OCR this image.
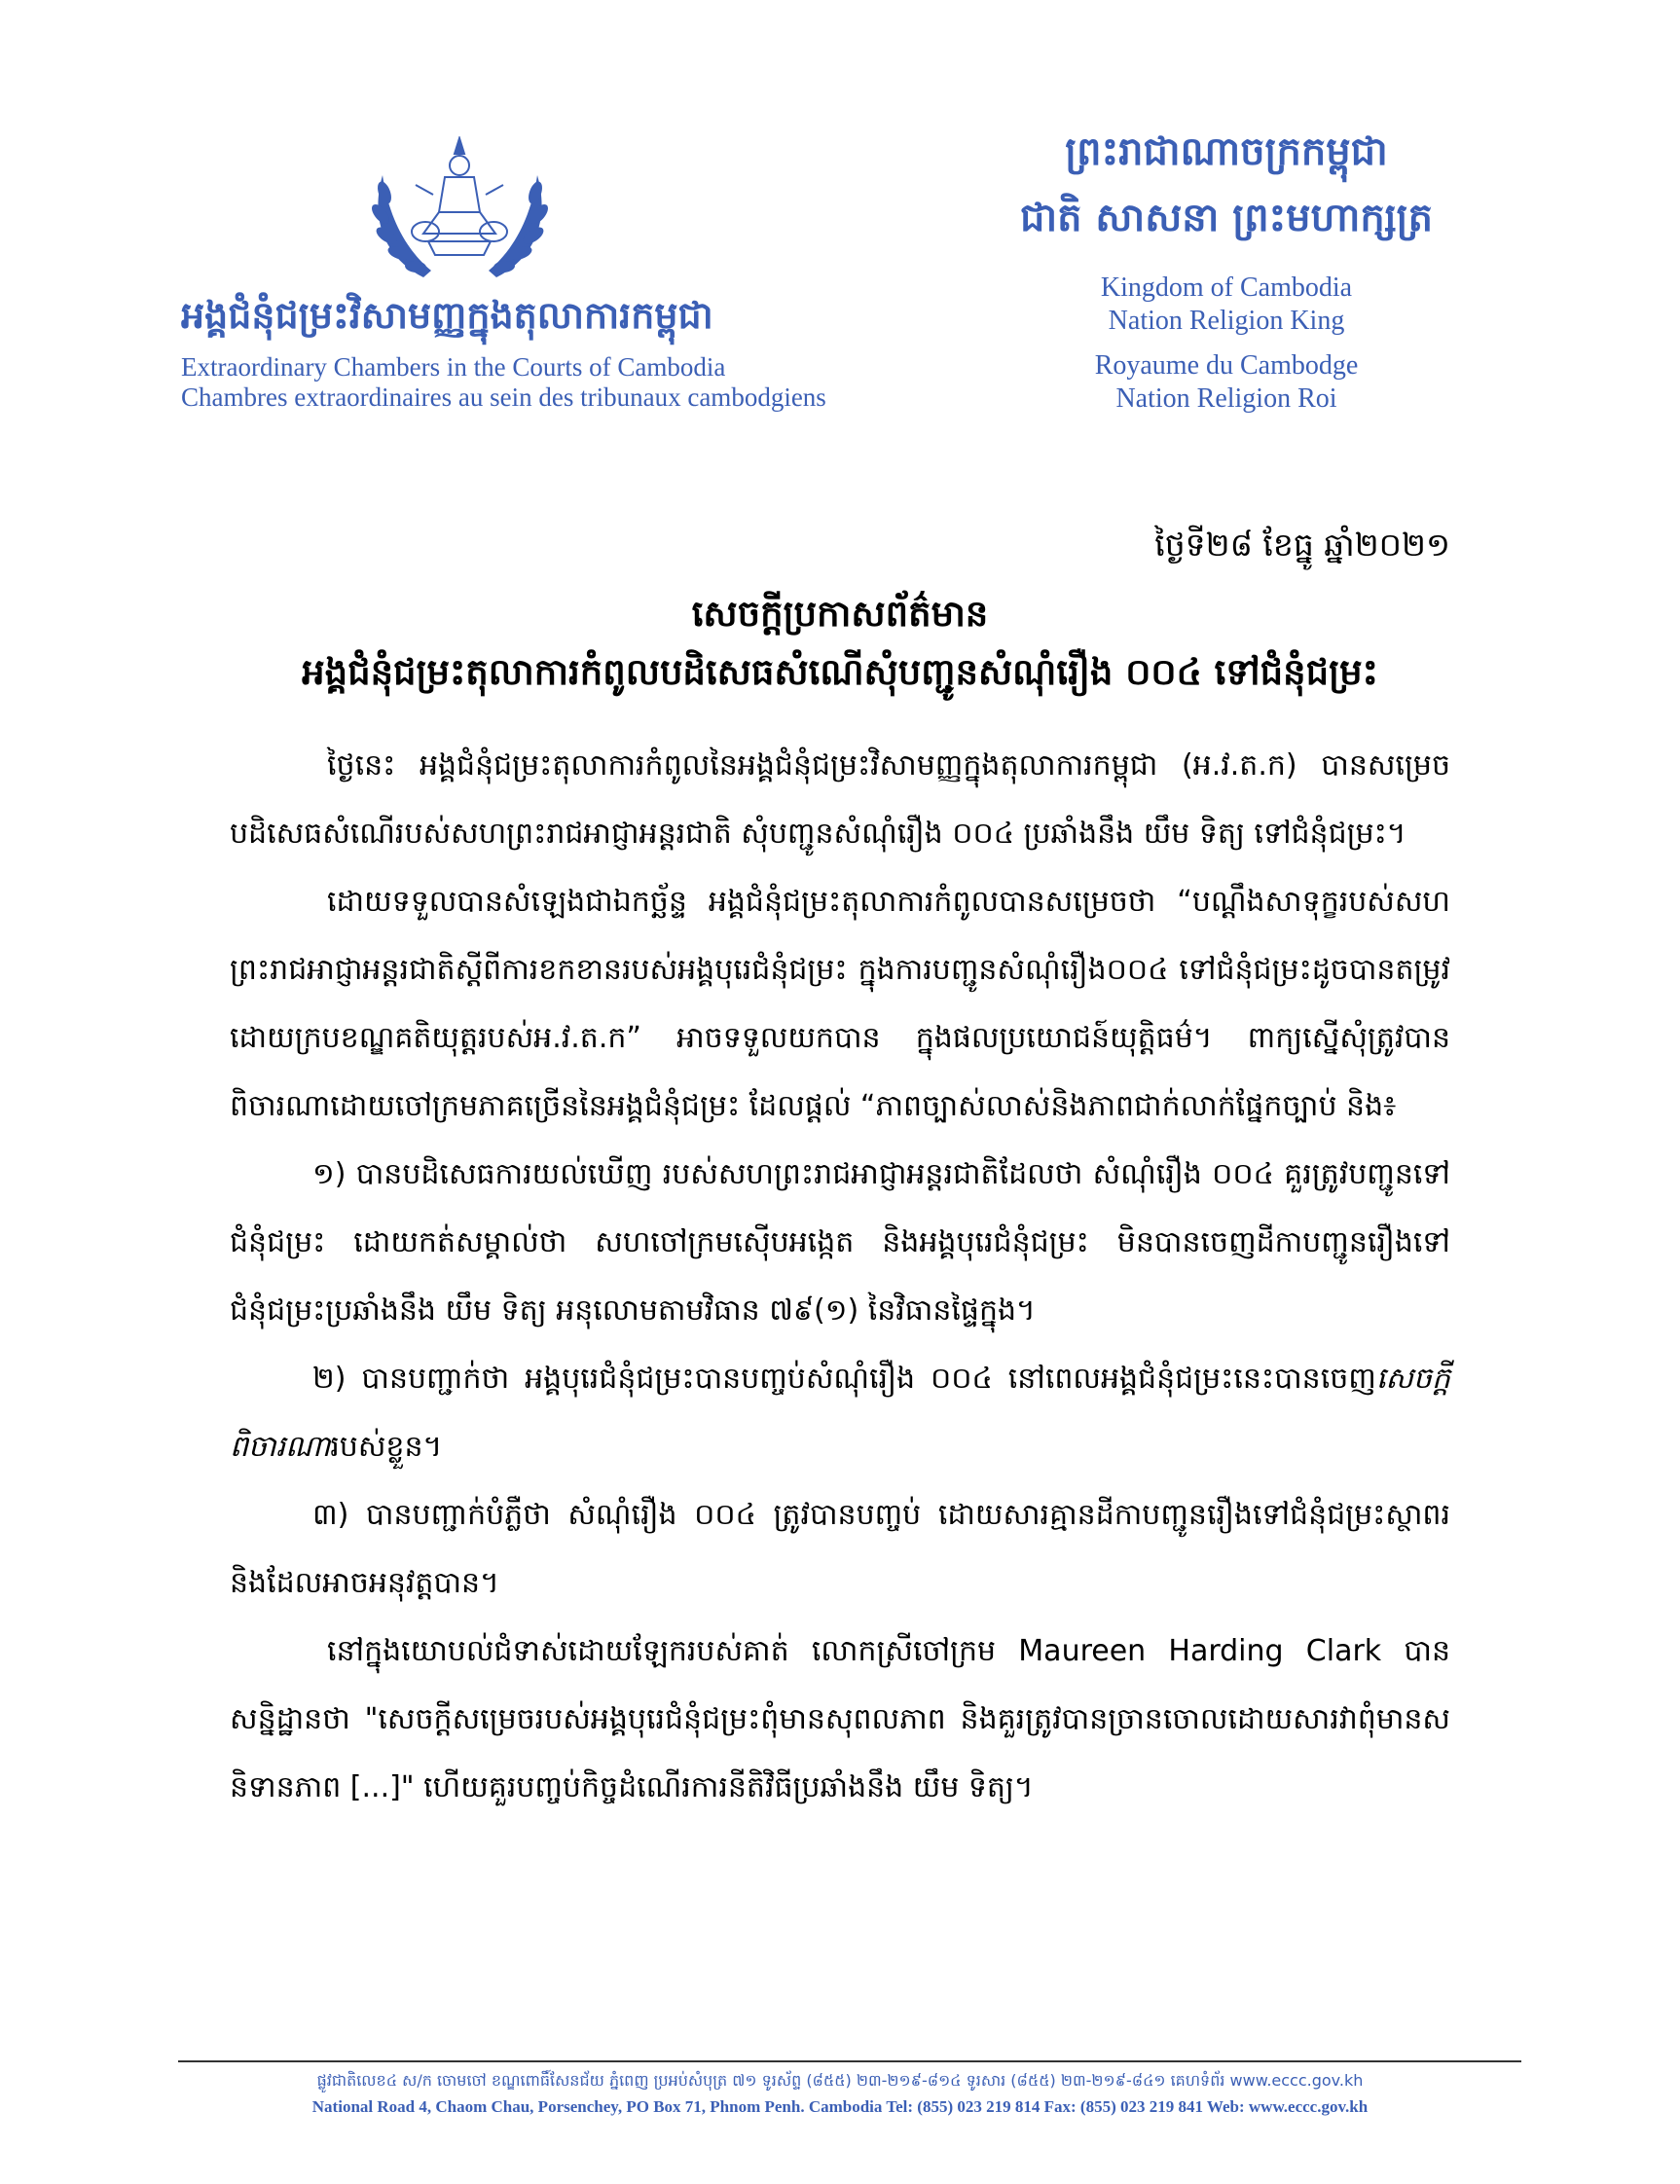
អង្គជំនុំជម្រះវិសាមញ្ញក្នុងតុលាការកម្ពុជា
Extraordinary Chambers in the Courts of Cambodia
Chambres extraordinaires au sein des tribunaux cambodgiens
ព្រះរាជាណាចក្រកម្ពុជា
ជាតិ សាសនា ព្រះមហាក្សត្រ
Kingdom of Cambodia
Nation Religion King
Royaume du Cambodge
Nation Religion Roi
ថ្ងៃទី២៨ ខែធ្នូ ឆ្នាំ២០២១
សេចក្តីប្រកាសព័ត៌មាន
អង្គជំនុំជម្រះតុលាការកំពូលបដិសេធសំណើសុំបញ្ជូនសំណុំរឿង ០០៤ ទៅជំនុំជម្រះ

ថ្ងៃនេះ អង្គជំនុំជម្រះតុលាការកំពូលនៃអង្គជំនុំជម្រះវិសាមញ្ញក្នុងតុលាការកម្ពុជា (អ.វ.ត.ក) បានសម្រេចបដិសេធសំណើរបស់សហព្រះរាជអាជ្ញាអន្តរជាតិ សុំបញ្ជូនសំណុំរឿង ០០៤ ប្រឆាំងនឹង យឹម ទិត្យ ទៅជំនុំជម្រះ។

ដោយទទួលបានសំឡេងជាឯកច្ឆ័ន្ទ អង្គជំនុំជម្រះតុលាការកំពូលបានសម្រេចថា “បណ្តឹងសាទុក្ខរបស់សហព្រះរាជអាជ្ញាអន្តរជាតិស្តីពីការខកខានរបស់អង្គបុរេជំនុំជម្រះ ក្នុងការបញ្ជូនសំណុំរឿង០០៤ ទៅជំនុំជម្រះដូចបានតម្រូវដោយក្របខណ្ឌគតិយុត្តរបស់អ.វ.ត.ក” អាចទទួលយកបាន ក្នុងផលប្រយោជន៍យុត្តិធម៌។ ពាក្យស្នើសុំត្រូវបានពិចារណាដោយចៅក្រមភាគច្រើននៃអង្គជំនុំជម្រះ ដែលផ្តល់ “ភាពច្បាស់លាស់និងភាពជាក់លាក់ផ្នែកច្បាប់ និង៖

១) បានបដិសេធការយល់ឃើញ របស់សហព្រះរាជអាជ្ញាអន្តរជាតិដែលថា សំណុំរឿង ០០៤ គួរត្រូវបញ្ជូនទៅជំនុំជម្រះ ដោយកត់សម្គាល់ថា សហចៅក្រមស៊ើបអង្កេត និងអង្គបុរេជំនុំជម្រះ មិនបានចេញដីកាបញ្ជូនរឿងទៅជំនុំជម្រះប្រឆាំងនឹង យឹម ទិត្យ អនុលោមតាមវិធាន ៧៩(១) នៃវិធានផ្ទៃក្នុង។

២) បានបញ្ជាក់ថា អង្គបុរេជំនុំជម្រះបានបញ្ចប់សំណុំរឿង ០០៤ នៅពេលអង្គជំនុំជម្រះនេះបានចេញសេចក្តីពិចារណារបស់ខ្លួន។

៣) បានបញ្ជាក់បំភ្លឺថា សំណុំរឿង ០០៤ ត្រូវបានបញ្ចប់ ដោយសារគ្មានដីកាបញ្ជូនរឿងទៅជំនុំជម្រះស្ថាពរ និងដែលអាចអនុវត្តបាន។

នៅក្នុងយោបល់ជំទាស់ដោយឡែករបស់គាត់ លោកស្រីចៅក្រម Maureen Harding Clark បានសន្និដ្ឋានថា "សេចក្តីសម្រេចរបស់អង្គបុរេជំនុំជម្រះពុំមានសុពលភាព និងគួរត្រូវបានច្រានចោលដោយសារវាពុំមានសនិទានភាព [...]" ហើយគួរបញ្ចប់កិច្ចដំណើរការនីតិវិធីប្រឆាំងនឹង យឹម ទិត្យ។

ផ្លូវជាតិលេខ៤ ស/ក ចោមចៅ ខណ្ឌពោធិ៍សែនជ័យ ភ្នំពេញ ប្រអប់សំបុត្រ ៧១ ទូរស័ព្ទ (៨៥៥) ២៣-២១៩-៨១៤ ទូរសារ (៨៥៥) ២៣-២១៩-៨៤១ គេហទំព័រ www.eccc.gov.kh
National Road 4, Chaom Chau, Porsenchey, PO Box 71, Phnom Penh. Cambodia Tel: (855) 023 219 814 Fax: (855) 023 219 841 Web: www.eccc.gov.kh
